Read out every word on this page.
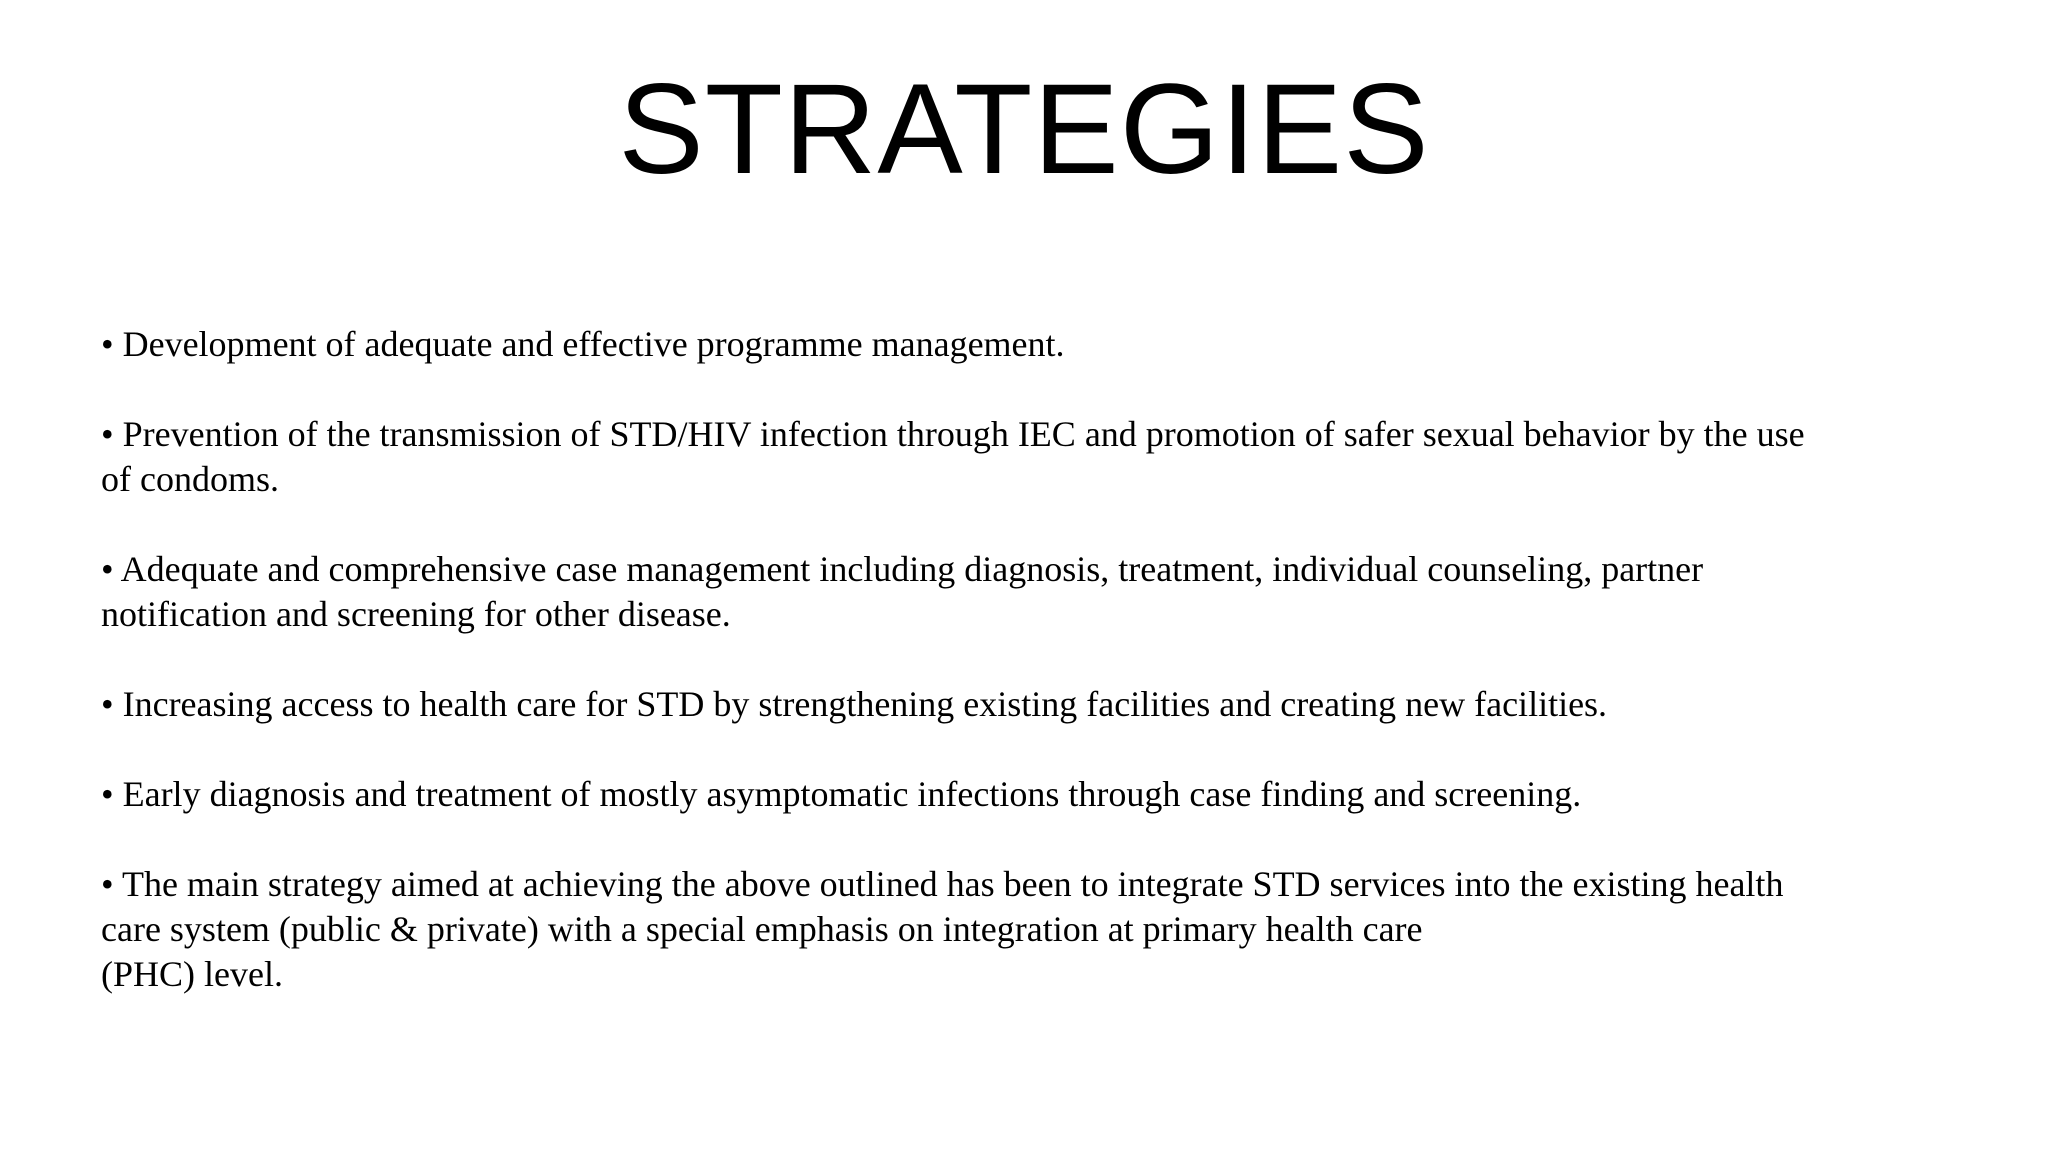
STRATEGIES

• Development of adequate and effective programme management.

• Prevention of the transmission of STD/HIV infection through IEC and promotion of safer sexual behavior by the use
of condoms.

• Adequate and comprehensive case management including diagnosis, treatment, individual counseling, partner
notification and screening for other disease.

• Increasing access to health care for STD by strengthening existing facilities and creating new facilities.

• Early diagnosis and treatment of mostly asymptomatic infections through case finding and screening.

• The main strategy aimed at achieving the above outlined has been to integrate STD services into the existing health
care system (public & private) with a special emphasis on integration at primary health care
(PHC) level.
